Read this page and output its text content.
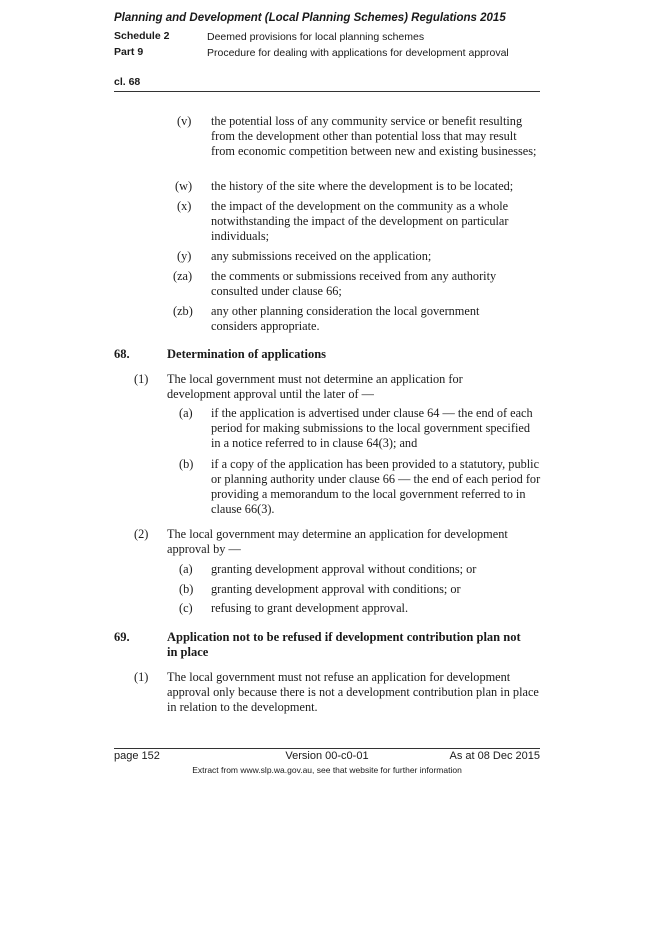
Planning and Development (Local Planning Schemes) Regulations 2015
Schedule 2	Deemed provisions for local planning schemes
Part 9	Procedure for dealing with applications for development approval
cl. 68
(v) the potential loss of any community service or benefit resulting from the development other than potential loss that may result from economic competition between new and existing businesses;
(w) the history of the site where the development is to be located;
(x) the impact of the development on the community as a whole notwithstanding the impact of the development on particular individuals;
(y) any submissions received on the application;
(za) the comments or submissions received from any authority consulted under clause 66;
(zb) any other planning consideration the local government considers appropriate.
68.	Determination of applications
(1) The local government must not determine an application for development approval until the later of —
(a) if the application is advertised under clause 64 — the end of each period for making submissions to the local government specified in a notice referred to in clause 64(3); and
(b) if a copy of the application has been provided to a statutory, public or planning authority under clause 66 — the end of each period for providing a memorandum to the local government referred to in clause 66(3).
(2) The local government may determine an application for development approval by —
(a) granting development approval without conditions; or
(b) granting development approval with conditions; or
(c) refusing to grant development approval.
69.	Application not to be refused if development contribution plan not in place
(1) The local government must not refuse an application for development approval only because there is not a development contribution plan in place in relation to the development.
page 152	Version 00-c0-01	As at 08 Dec 2015
Extract from www.slp.wa.gov.au, see that website for further information
